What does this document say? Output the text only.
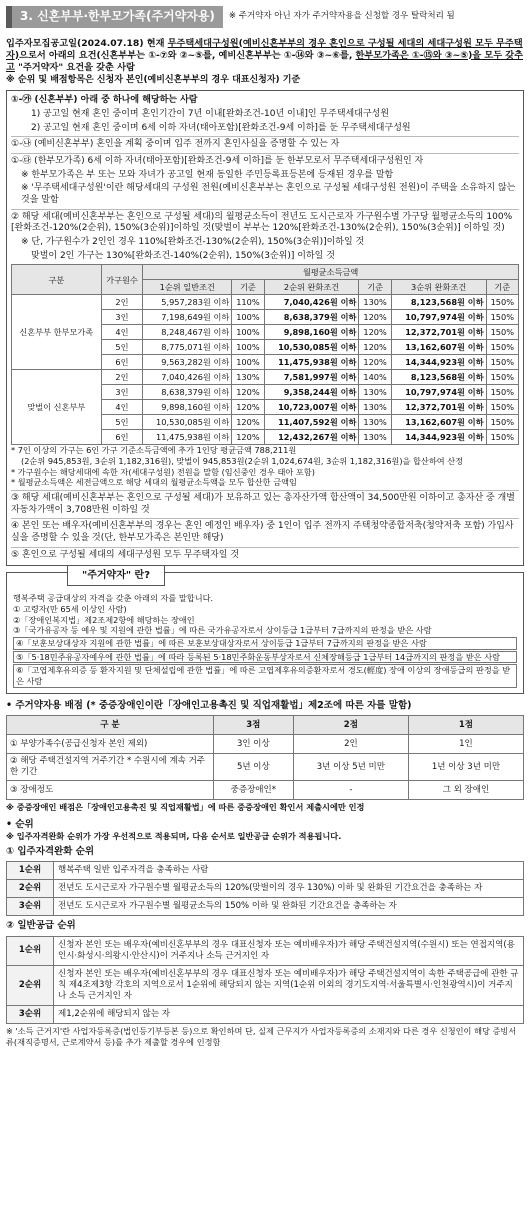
3. 신혼부부·한부모가족(주거약자용)	※ 주거약자 아닌 자가 주거약자용을 신청할 경우 탈락처리 됨
입주자모집공고일(2024.07.18) 현재 무주택세대구성원(예비신혼부부의 경우 혼인으로 구성될 세대의 세대구성원 모두 무주택자)으로서 아래의 요건(신혼부부는 ①-⑦와 ②~⑤를, 예비신혼부부는 ①-⑭와 ③~⑥를, 한부모가족은 ①-⑮와 ③~⑤)을 모두 갖추고 "주거약자" 요건을 갖춘 사람
※ 순위 및 배점항목은 신청자 본인(예비신혼부부의 경우 대표신청자) 기준
①-㉮ (신혼부부) 아래 중 하나에 해당하는 사람
1) 공고일 현재 혼인 중이며 혼인기간이 7년 이내[완화조건-10년 이내]인 무주택세대구성원
2) 공고일 현재 혼인 중이며 6세 이하 자녀(태아포함)[완화조건-9세 이하]를 둔 무주택세대구성원
①-㉯ (예비신혼부부) 혼인을 계획 중이며 입주 전까지 혼인사실을 증명할 수 있는 자
①-㉰ (한부모가족) 6세 이하 자녀(태아포함)[완화조건-9세 이하]를 둔 한부모로서 무주택세대구성원인 자
※ 한부모가족은 부 또는 모와 자녀가 공고일 현재 동일한 주민등록표등본에 등재된 경우를 말함
※ '무주택세대구성원'이란 해당세대의 구성원 전원(예비신혼부부는 혼인으로 구성될 세대구성원 전원)이 주택을 소유하지 않는 것을 말함
② 해당 세대(예비신혼부부는 혼인으로 구성될 세대)의 월평균소득이 전년도 도시근로자 가구원수별 가구당 월평균소득의 100%[완화조건-120%(2순위), 150%(3순위)]이하일 것(맞벌이 부부는 120%[완화조건-130%(2순위), 150%(3순위)] 이하일 것)
※ 단, 가구원수가 2인인 경우 110%[완화조건-130%(2순위), 150%(3순위)]이하일 것
맞벌이 2인 가구는 130%[완화조건-140%(2순위), 150%(3순위)] 이하일 것
구분	가구원수	월평균소득금액					
		1순위 일반조건	기준	2순위 완화조건	기준	3순위 완화조건	기준
신혼부부 한부모가족	2인	5,957,283원 이하	110%	7,040,426원 이하	130%	8,123,568원 이하	150%
	3인	7,198,649원 이하	100%	8,638,379원 이하	120%	10,797,974원 이하	150%
	4인	8,248,467원 이하	100%	9,898,160원 이하	120%	12,372,701원 이하	150%
	5인	8,775,071원 이하	100%	10,530,085원 이하	120%	13,162,607원 이하	150%
	6인	9,563,282원 이하	100%	11,475,938원 이하	120%	14,344,923원 이하	150%
맞벌이 신혼부부	2인	7,040,426원 이하	130%	7,581,997원 이하	140%	8,123,568원 이하	150%
	3인	8,638,379원 이하	120%	9,358,244원 이하	130%	10,797,974원 이하	150%
	4인	9,898,160원 이하	120%	10,723,007원 이하	130%	12,372,701원 이하	150%
	5인	10,530,085원 이하	120%	11,407,592원 이하	130%	13,162,607원 이하	150%
	6인	11,475,938원 이하	120%	12,432,267원 이하	130%	14,344,923원 이하	150%
* 7인 이상의 가구는 6인 가구 기준소득금액에 추가 1인당 평균금액 788,211원
(2순위 945,853원, 3순위 1,182,316원), 맞벌이 945,853원(2순위 1,024,674원, 3순위 1,182,316원)을 합산하여 산정
* 가구원수는 해당세대에 속한 자(세대구성원) 전원을 말함 (임신중인 경우 태아 포함)
* 월평균소득액은 세전금액으로 해당 세대의 월평균소득액을 모두 합산한 금액임
③ 해당 세대(예비신혼부부는 혼인으로 구성될 세대)가 보유하고 있는 총자산가액 합산액이 34,500만원 이하이고 총자산 중 개별 자동차가액이 3,708만원 이하일 것
④ 본인 또는 배우자(예비신혼부부의 경우는 혼인 예정인 배우자) 중 1인이 입주 전까지 주택청약종합저축(청약저축 포함) 가입사실을 증명할 수 있을 것(단, 한부모가족은 본인만 해당)
⑤ 혼인으로 구성될 세대의 세대구성원 모두 무주택자일 것
"주거약자" 란?
행복주택 공급대상의 자격을 갖춘 아래의 자를 말합니다.
① 고령자(만 65세 이상인 사람)
②「장애인복지법」제2조제2항에 해당하는 장애인
③「국가유공자 등 예우 및 지원에 관한 법률」에 따른 국가유공자로서 상이등급 1급부터 7급까지의 판정을 받은 사람
④「보훈보상대상자 지원에 관한 법률」에 따른 보훈보상대상자로서 상이등급 1급부터 7급까지의 판정을 받은 사람
⑤「5·18민주유공자예우에 관한 법률」에 따라 등록된 5·18민주화운동부상자로서 신체장해등급 1급부터 14급까지의 판정을 받은 사람
⑥「고엽제후유의증 등 환자지원 및 단체설립에 관한 법률」에 따른 고엽제후유의증환자로서 경도(輕度) 장애 이상의 장애등급의 판정을 받은 사람
• 주거약자용 배점 (* 중증장애인이란「장애인고용촉진 및 직업재활법」제2조에 따른 자를 말함)
구 분	3점	2점	1점
① 부양가족수(공급신청자 본인 제외)	3인 이상	2인	1인
② 해당 주택건설지역 거주기간 * 수원시에 계속 거주한 기간	5년 이상	3년 이상 5년 미만	1년 이상 3년 미만
③ 장애정도	중증장애인*	-	그 외 장애인
※ 중증장애인 배점은「장애인고용촉진 및 직업재활법」에 따른 중증장애인 확인서 제출시에만 인정
• 순위
※ 입주자격완화 순위가 가장 우선적으로 적용되며, 다음 순서로 일반공급 순위가 적용됩니다.
① 입주자격완화 순위
1순위	행복주택 일반 입주자격을 충족하는 사람
2순위	전년도 도시근로자 가구원수별 월평균소득의 120%(맞벌이의 경우 130%) 이하 및 완화된 기간요건을 충족하는 자
3순위	전년도 도시근로자 가구원수별 월평균소득의 150% 이하 및 완화된 기간요건을 충족하는 자
② 일반공급 순위
1순위	신청자 본인 또는 배우자(예비신혼부부의 경우 대표신청자 또는 예비배우자)가 해당 주택건설지역(수원시) 또는 연접지역(용인시·화성시·의왕시·안산시)이 거주지나 소득 근거지인 자
2순위	신청자 본인 또는 배우자(예비신혼부부의 경우 대표신청자 또는 예비배우자)가 해당 주택건설지역이 속한 주택공급에 관한 규칙 제4조제3항 각호의 지역으로서 1순위에 해당되지 않는 지역(1순위 이외의 경기도지역·서울특별시·인천광역시)이 거주지나 소득 근거지인 자
3순위	제1,2순위에 해당되지 않는 자
※ '소득 근거지'란 사업자등록증(법인등기부등본 등)으로 확인하며 단, 실제 근무지가 사업자등록증의 소재지와 다른 경우 신청인이 해당 증빙서류(재직증명서, 근로계약서 등)를 추가 제출할 경우에 인정함
